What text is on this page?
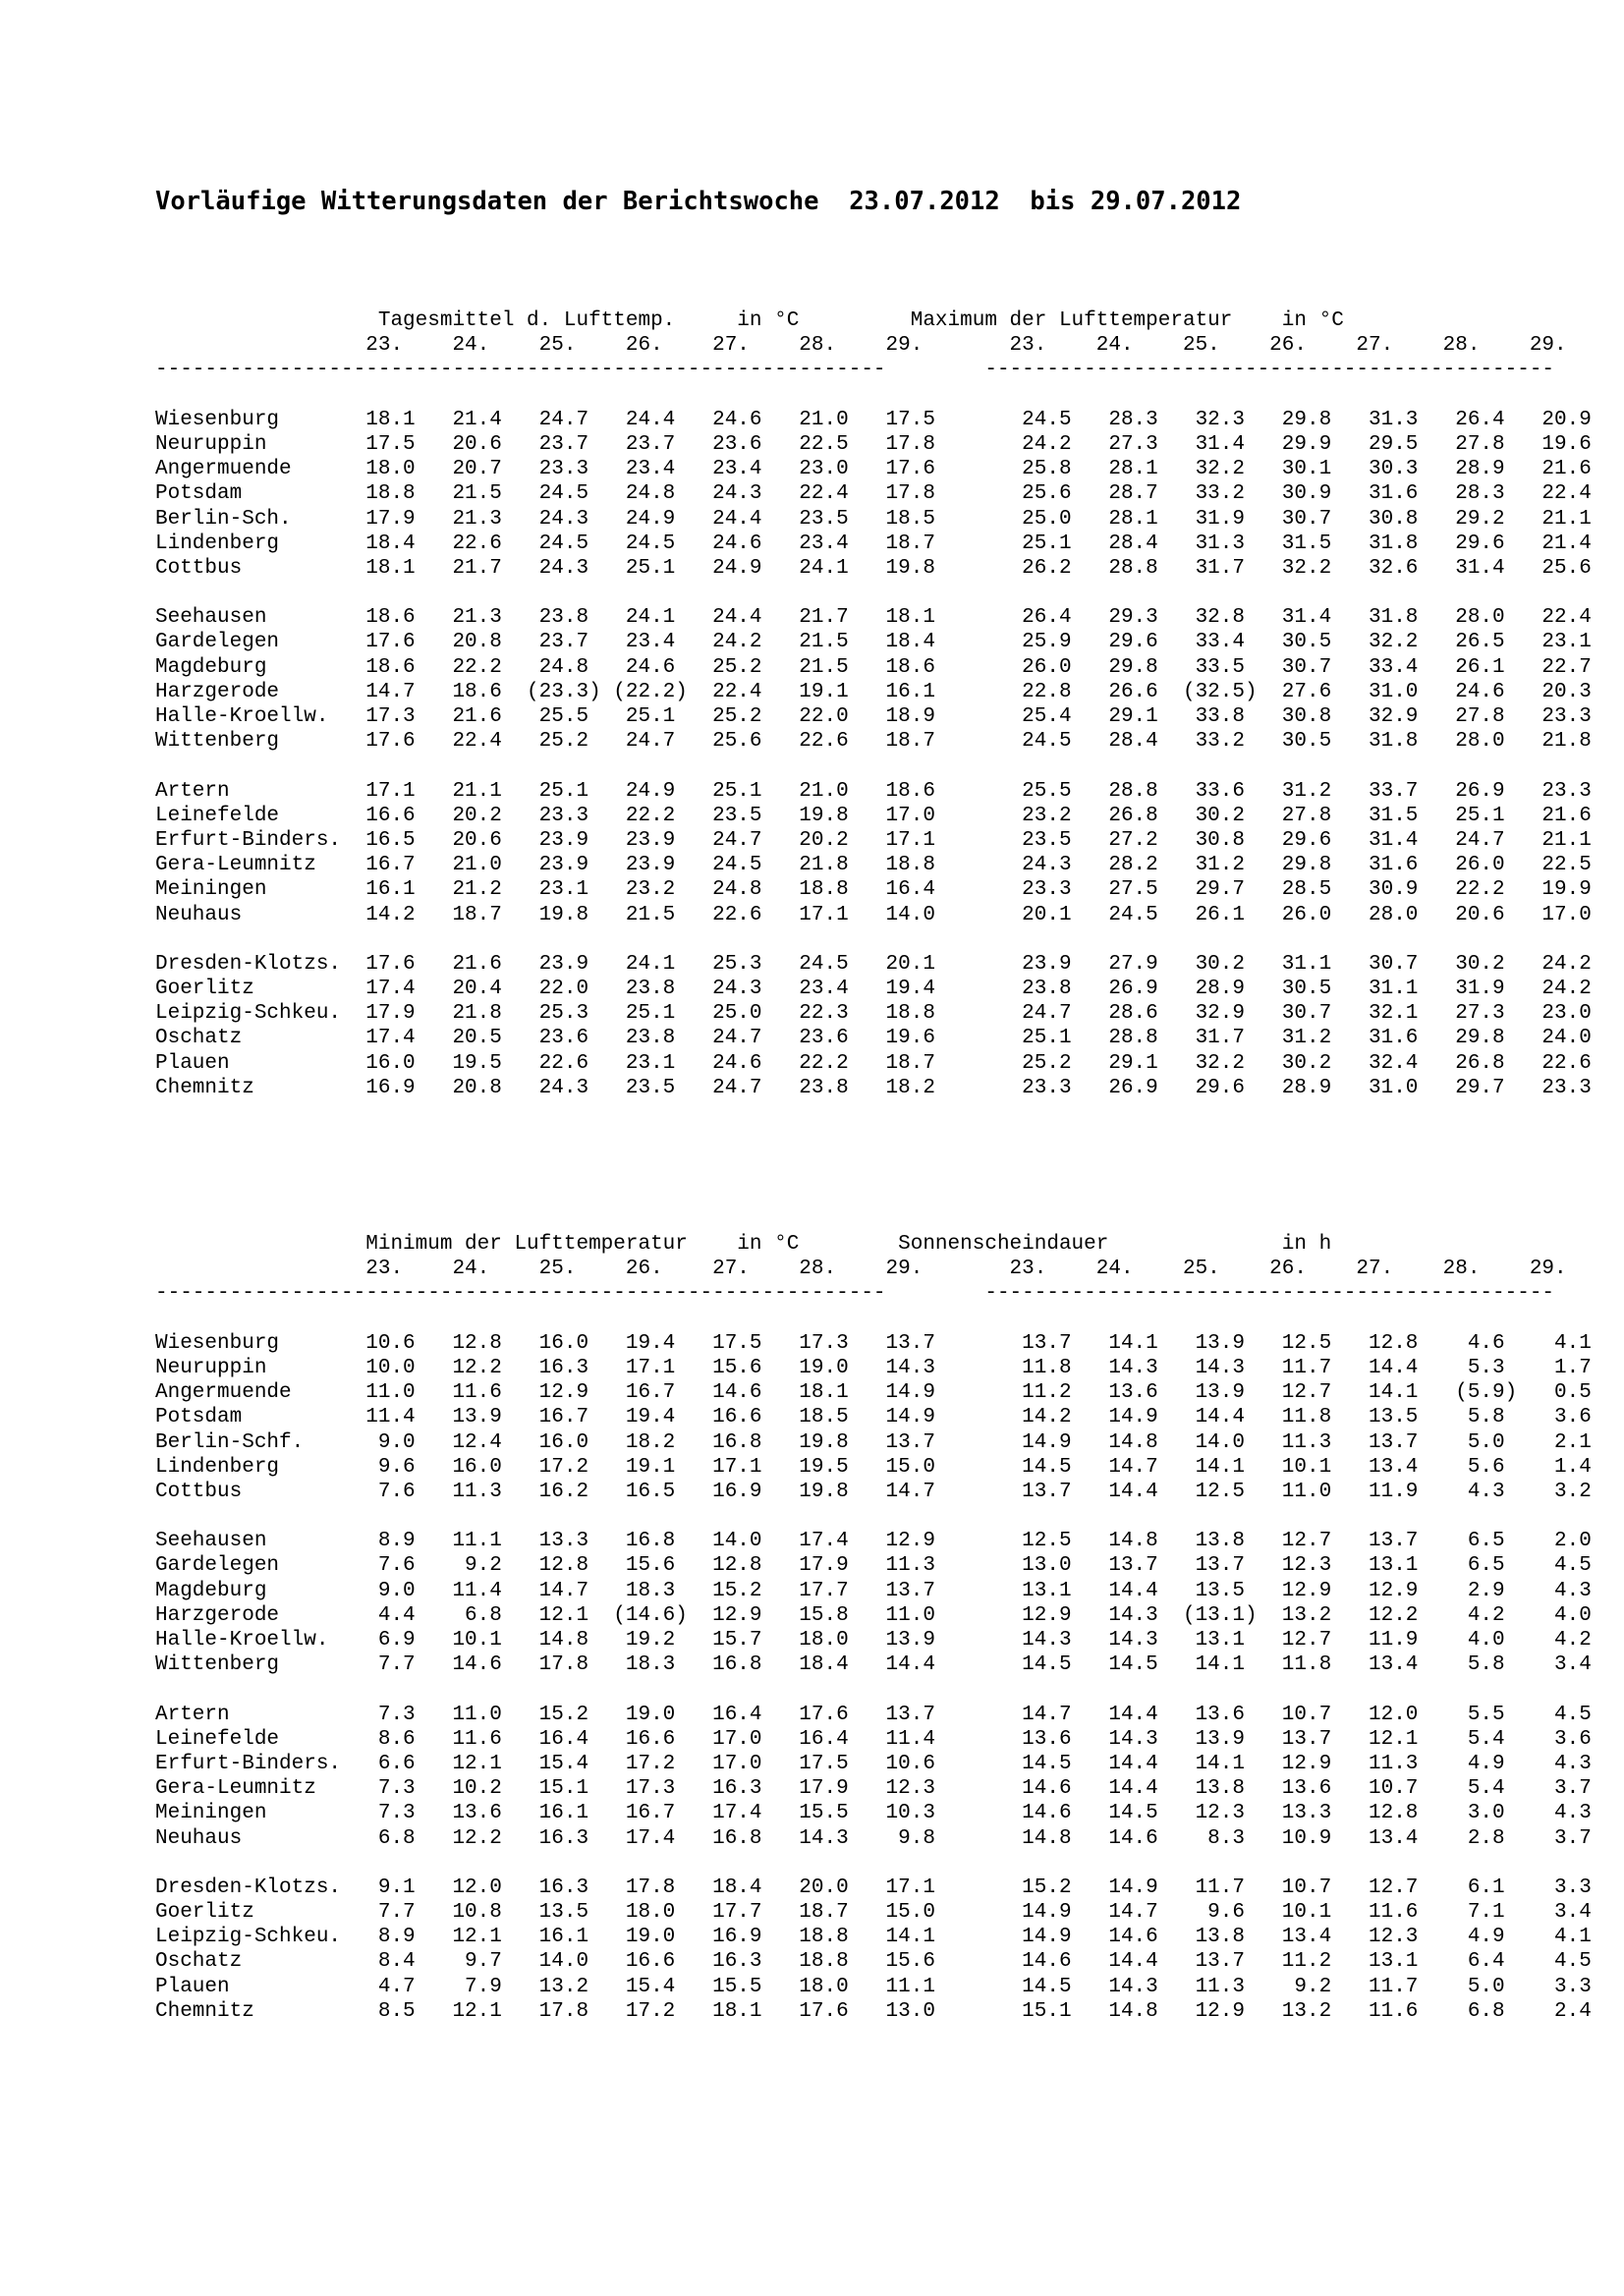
Vorläufige Witterungsdaten der Berichtswoche  23.07.2012  bis 29.07.2012
Tagesmittel d. Lufttemp.     in °C         Maximum der Lufttemperatur    in °C
23.    24.    25.    26.    27.    28.    29.       23.    24.    25.    26.    27.    28.    29.
-----------------------------------------------------------        ----------------------------------------------
Wiesenburg       18.1   21.4   24.7   24.4   24.6   21.0   17.5       24.5   28.3   32.3   29.8   31.3   26.4   20.9
Neuruppin        17.5   20.6   23.7   23.7   23.6   22.5   17.8       24.2   27.3   31.4   29.9   29.5   27.8   19.6
Angermuende      18.0   20.7   23.3   23.4   23.4   23.0   17.6       25.8   28.1   32.2   30.1   30.3   28.9   21.6
Potsdam          18.8   21.5   24.5   24.8   24.3   22.4   17.8       25.6   28.7   33.2   30.9   31.6   28.3   22.4
Berlin-Sch.      17.9   21.3   24.3   24.9   24.4   23.5   18.5       25.0   28.1   31.9   30.7   30.8   29.2   21.1
Lindenberg       18.4   22.6   24.5   24.5   24.6   23.4   18.7       25.1   28.4   31.3   31.5   31.8   29.6   21.4
Cottbus          18.1   21.7   24.3   25.1   24.9   24.1   19.8       26.2   28.8   31.7   32.2   32.6   31.4   25.6
Seehausen        18.6   21.3   23.8   24.1   24.4   21.7   18.1       26.4   29.3   32.8   31.4   31.8   28.0   22.4
Gardelegen       17.6   20.8   23.7   23.4   24.2   21.5   18.4       25.9   29.6   33.4   30.5   32.2   26.5   23.1
Magdeburg        18.6   22.2   24.8   24.6   25.2   21.5   18.6       26.0   29.8   33.5   30.7   33.4   26.1   22.7
Harzgerode       14.7   18.6  (23.3) (22.2)  22.4   19.1   16.1       22.8   26.6  (32.5)  27.6   31.0   24.6   20.3
Halle-Kroellw.   17.3   21.6   25.5   25.1   25.2   22.0   18.9       25.4   29.1   33.8   30.8   32.9   27.8   23.3
Wittenberg       17.6   22.4   25.2   24.7   25.6   22.6   18.7       24.5   28.4   33.2   30.5   31.8   28.0   21.8
Artern           17.1   21.1   25.1   24.9   25.1   21.0   18.6       25.5   28.8   33.6   31.2   33.7   26.9   23.3
Leinefelde       16.6   20.2   23.3   22.2   23.5   19.8   17.0       23.2   26.8   30.2   27.8   31.5   25.1   21.6
Erfurt-Binders.  16.5   20.6   23.9   23.9   24.7   20.2   17.1       23.5   27.2   30.8   29.6   31.4   24.7   21.1
Gera-Leumnitz    16.7   21.0   23.9   23.9   24.5   21.8   18.8       24.3   28.2   31.2   29.8   31.6   26.0   22.5
Meiningen        16.1   21.2   23.1   23.2   24.8   18.8   16.4       23.3   27.5   29.7   28.5   30.9   22.2   19.9
Neuhaus          14.2   18.7   19.8   21.5   22.6   17.1   14.0       20.1   24.5   26.1   26.0   28.0   20.6   17.0
Dresden-Klotzs.  17.6   21.6   23.9   24.1   25.3   24.5   20.1       23.9   27.9   30.2   31.1   30.7   30.2   24.2
Goerlitz         17.4   20.4   22.0   23.8   24.3   23.4   19.4       23.8   26.9   28.9   30.5   31.1   31.9   24.2
Leipzig-Schkeu.  17.9   21.8   25.3   25.1   25.0   22.3   18.8       24.7   28.6   32.9   30.7   32.1   27.3   23.0
Oschatz          17.4   20.5   23.6   23.8   24.7   23.6   19.6       25.1   28.8   31.7   31.2   31.6   29.8   24.0
Plauen           16.0   19.5   22.6   23.1   24.6   22.2   18.7       25.2   29.1   32.2   30.2   32.4   26.8   22.6
Chemnitz         16.9   20.8   24.3   23.5   24.7   23.8   18.2       23.3   26.9   29.6   28.9   31.0   29.7   23.3
Minimum der Lufttemperatur    in °C        Sonnenscheindauer              in h
23.    24.    25.    26.    27.    28.    29.       23.    24.    25.    26.    27.    28.    29.
-----------------------------------------------------------        ----------------------------------------------
Wiesenburg       10.6   12.8   16.0   19.4   17.5   17.3   13.7       13.7   14.1   13.9   12.5   12.8    4.6    4.1
Neuruppin        10.0   12.2   16.3   17.1   15.6   19.0   14.3       11.8   14.3   14.3   11.7   14.4    5.3    1.7
Angermuende      11.0   11.6   12.9   16.7   14.6   18.1   14.9       11.2   13.6   13.9   12.7   14.1   (5.9)   0.5
Potsdam          11.4   13.9   16.7   19.4   16.6   18.5   14.9       14.2   14.9   14.4   11.8   13.5    5.8    3.6
Berlin-Schf.      9.0   12.4   16.0   18.2   16.8   19.8   13.7       14.9   14.8   14.0   11.3   13.7    5.0    2.1
Lindenberg        9.6   16.0   17.2   19.1   17.1   19.5   15.0       14.5   14.7   14.1   10.1   13.4    5.6    1.4
Cottbus           7.6   11.3   16.2   16.5   16.9   19.8   14.7       13.7   14.4   12.5   11.0   11.9    4.3    3.2
Seehausen         8.9   11.1   13.3   16.8   14.0   17.4   12.9       12.5   14.8   13.8   12.7   13.7    6.5    2.0
Gardelegen        7.6    9.2   12.8   15.6   12.8   17.9   11.3       13.0   13.7   13.7   12.3   13.1    6.5    4.5
Magdeburg         9.0   11.4   14.7   18.3   15.2   17.7   13.7       13.1   14.4   13.5   12.9   12.9    2.9    4.3
Harzgerode        4.4    6.8   12.1  (14.6)  12.9   15.8   11.0       12.9   14.3  (13.1)  13.2   12.2    4.2    4.0
Halle-Kroellw.    6.9   10.1   14.8   19.2   15.7   18.0   13.9       14.3   14.3   13.1   12.7   11.9    4.0    4.2
Wittenberg        7.7   14.6   17.8   18.3   16.8   18.4   14.4       14.5   14.5   14.1   11.8   13.4    5.8    3.4
Artern            7.3   11.0   15.2   19.0   16.4   17.6   13.7       14.7   14.4   13.6   10.7   12.0    5.5    4.5
Leinefelde        8.6   11.6   16.4   16.6   17.0   16.4   11.4       13.6   14.3   13.9   13.7   12.1    5.4    3.6
Erfurt-Binders.   6.6   12.1   15.4   17.2   17.0   17.5   10.6       14.5   14.4   14.1   12.9   11.3    4.9    4.3
Gera-Leumnitz     7.3   10.2   15.1   17.3   16.3   17.9   12.3       14.6   14.4   13.8   13.6   10.7    5.4    3.7
Meiningen         7.3   13.6   16.1   16.7   17.4   15.5   10.3       14.6   14.5   12.3   13.3   12.8    3.0    4.3
Neuhaus           6.8   12.2   16.3   17.4   16.8   14.3    9.8       14.8   14.6    8.3   10.9   13.4    2.8    3.7
Dresden-Klotzs.   9.1   12.0   16.3   17.8   18.4   20.0   17.1       15.2   14.9   11.7   10.7   12.7    6.1    3.3
Goerlitz          7.7   10.8   13.5   18.0   17.7   18.7   15.0       14.9   14.7    9.6   10.1   11.6    7.1    3.4
Leipzig-Schkeu.   8.9   12.1   16.1   19.0   16.9   18.8   14.1       14.9   14.6   13.8   13.4   12.3    4.9    4.1
Oschatz           8.4    9.7   14.0   16.6   16.3   18.8   15.6       14.6   14.4   13.7   11.2   13.1    6.4    4.5
Plauen            4.7    7.9   13.2   15.4   15.5   18.0   11.1       14.5   14.3   11.3    9.2   11.7    5.0    3.3
Chemnitz          8.5   12.1   17.8   17.2   18.1   17.6   13.0       15.1   14.8   12.9   13.2   11.6    6.8    2.4
